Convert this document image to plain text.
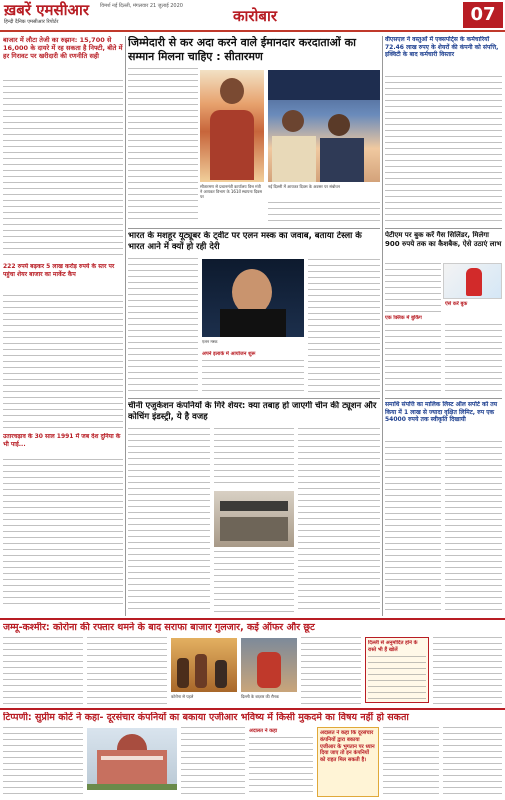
ख़बरें एमसीआर
हिन्दी दैनिक एमसीआर रिपोर्टर
विमर्श नई दिल्ली, मंगलवार 21 जुलाई 2020
कारोबार	07
बाजार में लौटा तेजी का रुझान: 15,700 से 16,000 के दायरे में रह सकता है निफ्टी, बीते में हर गिरावट पर खरीदारी की रणनीति सही
222 रुपये बढ़कर 5 लाख करोड़ रुपये के स्तर पर पहुंचा शेयर बाजार का मार्केट कैप
उतारचढ़ाव के 30 साल 1991 में जब देश दुनिया के भी पाई...
जिम्मेदारी से कर अदा करने वाले ईमानदार करदाताओं का सम्मान मिलना चाहिए : सीतारमण
सीतारमण से प्रधानमंत्री कार्यालय वित्त मंत्री ने आयकर विभाग के 161वें स्थापना दिवस पर
नई दिल्ली में आयकर दिवस के अवसर पर संबोधन
भारत के मशहूर यूट्यूबर के ट्वीट पर एलन मस्क का जवाब, बताया टेस्ला के भारत आने में क्यों हो रही देरी
एलन मस्क
अपने इलाके में आयोजन शुरू
चीनी एजुकेशन कंपनियों के गिरे शेयर: क्या तबाह हो जाएगी चीन की ट्यूशन और कोचिंग इंडस्ट्री, ये है वजह
वीएसएल ने वस्तुओं में एक्सपोर्ट्स के कर्मचारियों 72.46 लाख रुपए के शेयरों की कंपनी को संपत्ति, इक्विटी के बाद कर्मचारी विस्तार
पेटीएम पर बुक करें गैस सिलिंडर, मिलेगा 900 रुपये तक का कैशबैक, ऐसे उठाएं लाभ
एक क्लिक में बुकिंग
ऐसे करें बुक
समाधि संपत्ति का मालिक लिस्ट ऑल सपोर्ट को तय किया में 1 लाख से ज्यादा वृक्षित लिमिट, रुप एक 54000 रुपये तक स्वीकृति दिखायी
जम्मू-कश्मीर: कोरोना की रफ्तार थमने के बाद सराफा बाजार गुलजार, कई ऑफर और छूट
कोरोना से पहले	दिल्ली के बाज़ार की रौनक
दिल्ली से अनुमोदित होने के रास्ते भी हैं खोलें
टिप्पणी: सुप्रीम कोर्ट ने कहा- दूरसंचार कंपनियों का बकाया एजीआर भविष्य में किसी मुकदमे का विषय नहीं हो सकता
अदालत ने कहा	अदालत ने कहा कि दूरसंचार कंपनियों द्वारा बकाया एजीआर के भुगतान पर ध्यान दिया जाए तो इन कंपनियों को राहत मिल सकती है।
